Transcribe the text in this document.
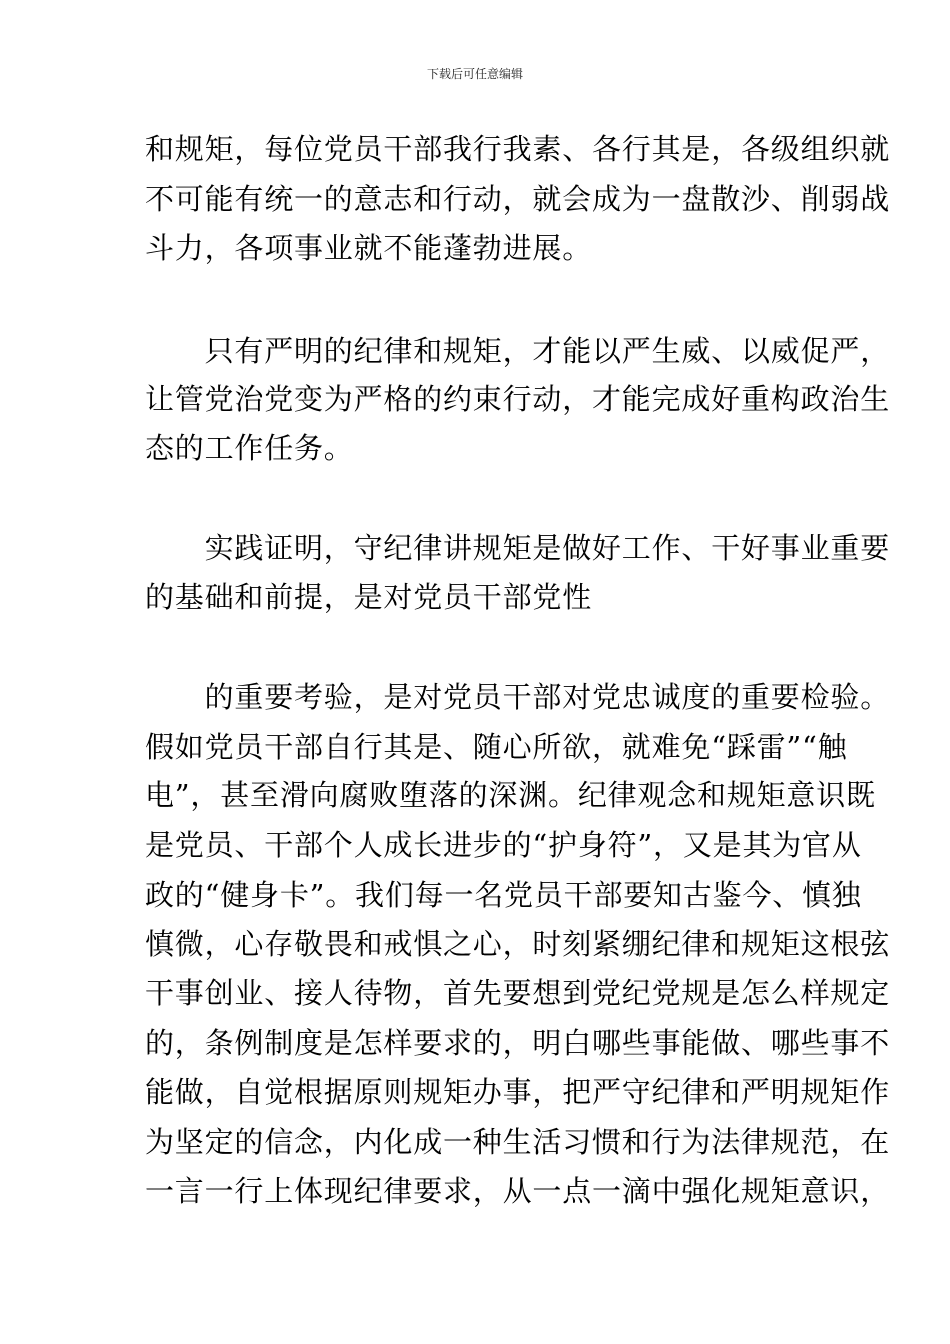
下载后可任意编辑
和规矩，每位党员干部我行我素、各行其是，各级组织就
不可能有统一的意志和行动，就会成为一盘散沙、削弱战
斗力，各项事业就不能蓬勃进展。
　　只有严明的纪律和规矩，才能以严生威、以威促严，
让管党治党变为严格的约束行动，才能完成好重构政治生
态的工作任务。
　　实践证明，守纪律讲规矩是做好工作、干好事业重要
的基础和前提，是对党员干部党性
　　的重要考验，是对党员干部对党忠诚度的重要检验。
假如党员干部自行其是、随心所欲，就难免“踩雷”“触
电”，甚至滑向腐败堕落的深渊。纪律观念和规矩意识既
是党员、干部个人成长进步的“护身符”，又是其为官从
政的“健身卡”。我们每一名党员干部要知古鉴今、慎独
慎微，心存敬畏和戒惧之心，时刻紧绷纪律和规矩这根弦
干事创业、接人待物，首先要想到党纪党规是怎么样规定
的，条例制度是怎样要求的，明白哪些事能做、哪些事不
能做，自觉根据原则规矩办事，把严守纪律和严明规矩作
为坚定的信念，内化成一种生活习惯和行为法律规范，在
一言一行上体现纪律要求，从一点一滴中强化规矩意识，
